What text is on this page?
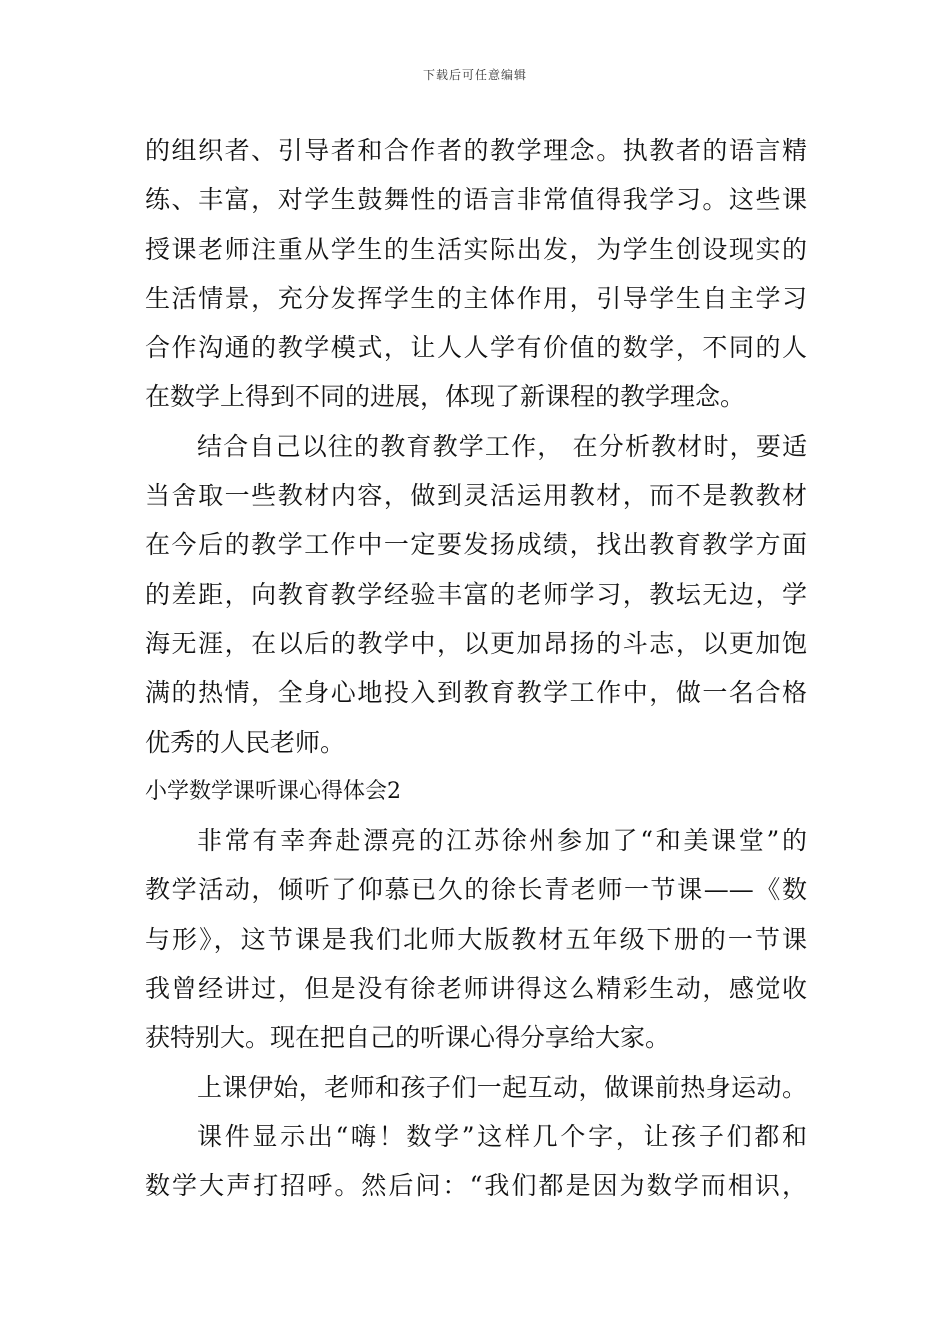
下载后可任意编辑
的组织者、引导者和合作者的教学理念。执教者的语言精
练、丰富，对学生鼓舞性的语言非常值得我学习。这些课
授课老师注重从学生的生活实际出发，为学生创设现实的
生活情景，充分发挥学生的主体作用，引导学生自主学习
合作沟通的教学模式，让人人学有价值的数学，不同的人
在数学上得到不同的进展，体现了新课程的教学理念。
结合自己以往的教育教学工作， 在分析教材时，要适
当舍取一些教材内容，做到灵活运用教材，而不是教教材
在今后的教学工作中一定要发扬成绩，找出教育教学方面
的差距，向教育教学经验丰富的老师学习，教坛无边，学
海无涯，在以后的教学中，以更加昂扬的斗志，以更加饱
满的热情，全身心地投入到教育教学工作中，做一名合格
优秀的人民老师。
小学数学课听课心得体会2
非常有幸奔赴漂亮的江苏徐州参加了“和美课堂”的
教学活动，倾听了仰慕已久的徐长青老师一节课——《数
与形》，这节课是我们北师大版教材五年级下册的一节课
我曾经讲过，但是没有徐老师讲得这么精彩生动，感觉收
获特别大。现在把自己的听课心得分享给大家。
上课伊始，老师和孩子们一起互动，做课前热身运动。
课件显示出“嗨！数学”这样几个字，让孩子们都和
数学大声打招呼。然后问：“我们都是因为数学而相识，
